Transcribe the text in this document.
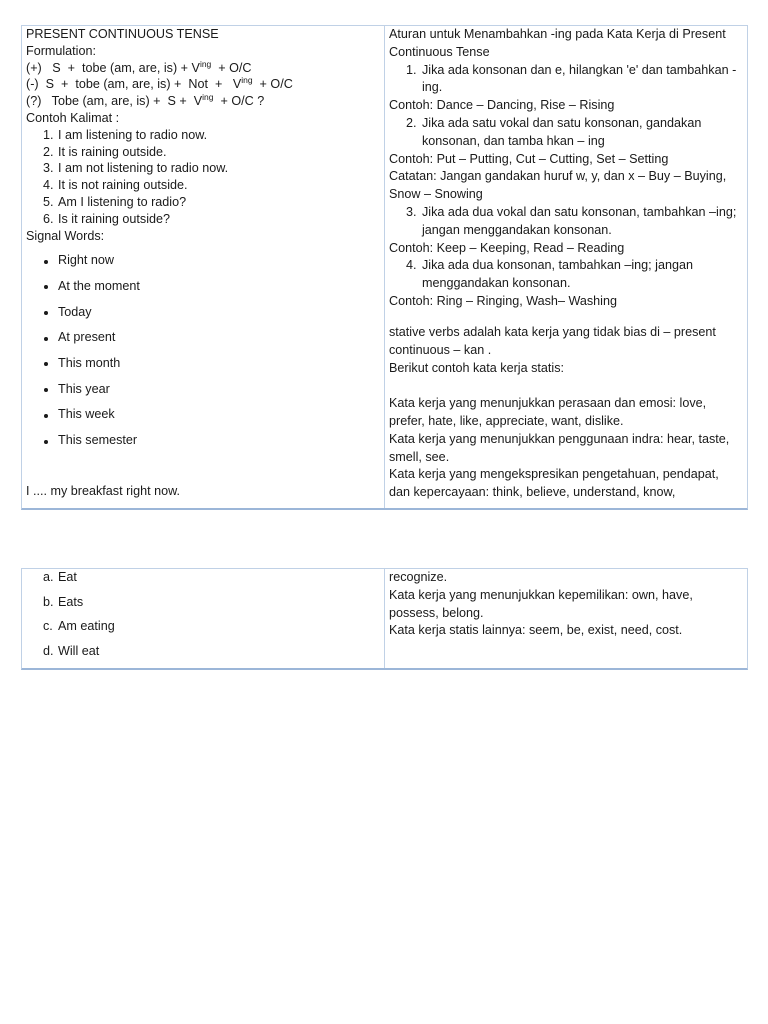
PRESENT CONTINUOUS TENSE
Formulation:
(+)   S  +  tobe (am, are, $is) + V^{ing} + O/C$
(-)  S  +  tobe (am, are, is) +  Not  +   $V^{ing} + O/C$
(?)   Tobe (am, are, $is) + S + V^{ing} + O/C$ ?
Contoh Kalimat :
1. I am listening to radio now.
2. It is raining outside.
3. I am not listening to radio now.
4. It is not raining outside.
5. Am I listening to radio?
6. Is it raining outside?
Signal Words:
Right now
At the moment
Today
At present
This month
This year
This week
This semester
I .... my breakfast right now.
Aturan untuk Menambahkan -ing pada Kata Kerja di Present
Continuous Tense
1. Jika ada konsonan dan e, hilangkan 'e' dan tambahkan -
ing.
Contoh: Dance – Dancing, Rise – Rising
2. Jika ada satu vokal dan satu konsonan, gandakan
konsonan, dan tamba hkan – ing
Contoh: Put – Putting, Cut – Cutting, Set – Setting
Catatan: Jangan gandakan huruf w, y, dan x – Buy – Buying,
Snow – Snowing
3. Jika ada dua vokal dan satu konsonan, tambahkan –ing;
jangan menggandakan konsonan.
Contoh: Keep – Keeping, Read – Reading
4. Jika ada dua konsonan, tambahkan –ing; jangan
menggandakan konsonan.
Contoh: Ring – Ringing, Wash– Washing
stative verbs adalah kata kerja yang tidak bias di – present
continuous – kan .
Berikut contoh kata kerja statis:
Kata kerja yang menunjukkan perasaan dan emosi: love,
prefer, hate, like, appreciate, want, dislike.
Kata kerja yang menunjukkan penggunaan indra: hear, taste,
smell, see.
Kata kerja yang mengekspresikan pengetahuan, pendapat,
dan kepercayaan: think, believe, understand, know,
a. Eat
b. Eats
c. Am eating
d. Will eat
recognize.
Kata kerja yang menunjukkan kepemilikan: own, have,
possess, belong.
Kata kerja statis lainnya: seem, be, exist, need, cost.
